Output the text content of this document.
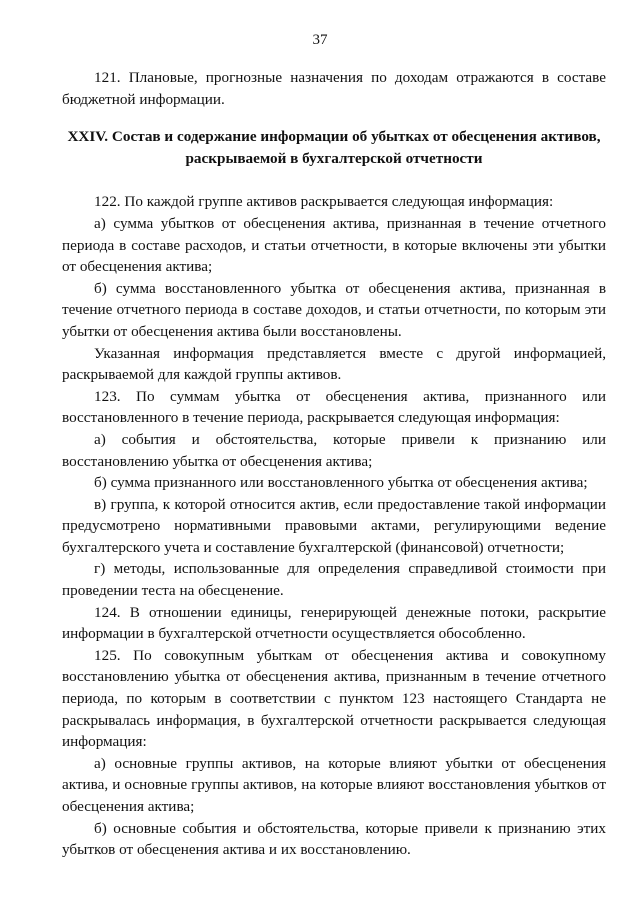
37

121. Плановые, прогнозные назначения по доходам отражаются в составе бюджетной информации.

XXIV. Состав и содержание информации об убытках от обесценения активов, раскрываемой в бухгалтерской отчетности

122. По каждой группе активов раскрывается следующая информация:

а) сумма убытков от обесценения актива, признанная в течение отчетного периода в составе расходов, и статьи отчетности, в которые включены эти убытки от обесценения актива;

б) сумма восстановленного убытка от обесценения актива, признанная в течение отчетного периода в составе доходов, и статьи отчетности, по которым эти убытки от обесценения актива были восстановлены.

Указанная информация представляется вместе с другой информацией, раскрываемой для каждой группы активов.

123. По суммам убытка от обесценения актива, признанного или восстановленного в течение периода, раскрывается следующая информация:

а) события и обстоятельства, которые привели к признанию или восстановлению убытка от обесценения актива;

б) сумма признанного или восстановленного убытка от обесценения актива;

в) группа, к которой относится актив, если предоставление такой информации предусмотрено нормативными правовыми актами, регулирующими ведение бухгалтерского учета и составление бухгалтерской (финансовой) отчетности;

г) методы, использованные для определения справедливой стоимости при проведении теста на обесценение.

124. В отношении единицы, генерирующей денежные потоки, раскрытие информации в бухгалтерской отчетности осуществляется обособленно.

125. По совокупным убыткам от обесценения актива и совокупному восстановлению убытка от обесценения актива, признанным в течение отчетного периода, по которым в соответствии с пунктом 123 настоящего Стандарта не раскрывалась информация, в бухгалтерской отчетности раскрывается следующая информация:

а) основные группы активов, на которые влияют убытки от обесценения актива, и основные группы активов, на которые влияют восстановления убытков от обесценения актива;

б) основные события и обстоятельства, которые привели к признанию этих убытков от обесценения актива и их восстановлению.
